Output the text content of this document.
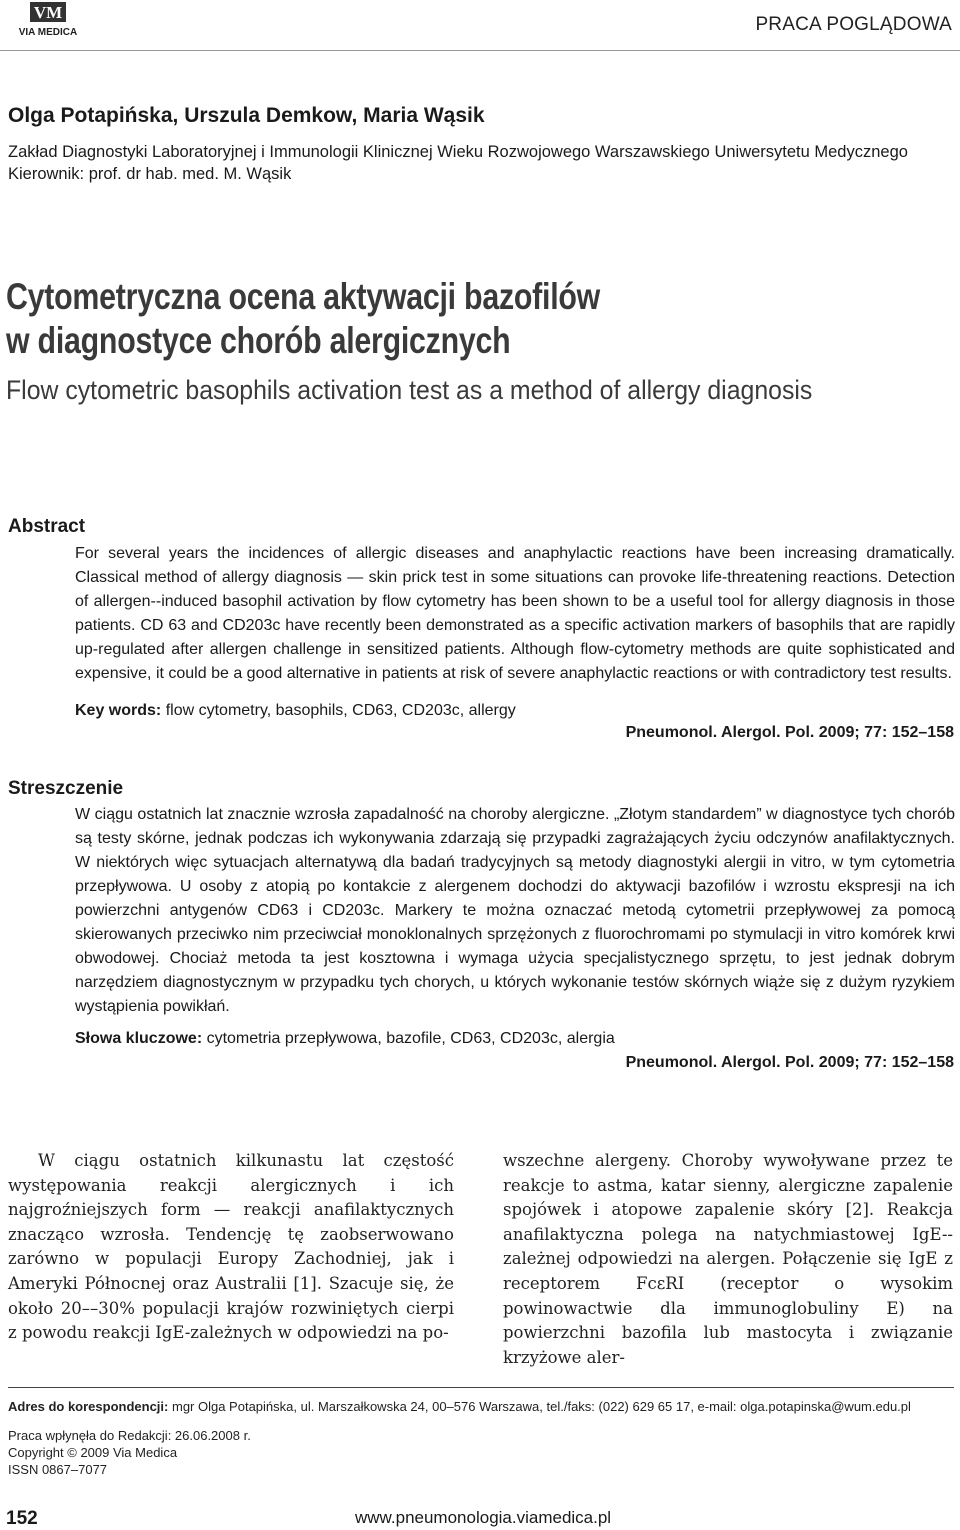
VM
VIA MEDICA	PRACA POGLĄDOWA
Olga Potapińska, Urszula Demkow, Maria Wąsik
Zakład Diagnostyki Laboratoryjnej i Immunologii Klinicznej Wieku Rozwojowego Warszawskiego Uniwersytetu Medycznego
Kierownik: prof. dr hab. med. M. Wąsik
Cytometryczna ocena aktywacji bazofilów
w diagnostyce chorób alergicznych
Flow cytometric basophils activation test as a method of allergy diagnosis
Abstract
For several years the incidences of allergic diseases and anaphylactic reactions have been increasing dramatically. Classical method of allergy diagnosis — skin prick test in some situations can provoke life-threatening reactions. Detection of allergen--induced basophil activation by flow cytometry has been shown to be a useful tool for allergy diagnosis in those patients. CD 63 and CD203c have recently been demonstrated as a specific activation markers of basophils that are rapidly up-regulated after allergen challenge in sensitized patients. Although flow-cytometry methods are quite sophisticated and expensive, it could be a good alternative in patients at risk of severe anaphylactic reactions or with contradictory test results.
Key words: flow cytometry, basophils, CD63, CD203c, allergy
Pneumonol. Alergol. Pol. 2009; 77: 152–158
Streszczenie
W ciągu ostatnich lat znacznie wzrosła zapadalność na choroby alergiczne. „Złotym standardem” w diagnostyce tych chorób są testy skórne, jednak podczas ich wykonywania zdarzają się przypadki zagrażających życiu odczynów anafilaktycznych. W niektórych więc sytuacjach alternatywą dla badań tradycyjnych są metody diagnostyki alergii in vitro, w tym cytometria przepływowa. U osoby z atopią po kontakcie z alergenem dochodzi do aktywacji bazofilów i wzrostu ekspresji na ich powierzchni antygenów CD63 i CD203c. Markery te można oznaczać metodą cytometrii przepływowej za pomocą skierowanych przeciwko nim przeciwciał monoklonalnych sprzężonych z fluorochromami po stymulacji in vitro komórek krwi obwodowej. Chociaż metoda ta jest kosztowna i wymaga użycia specjalistycznego sprzętu, to jest jednak dobrym narzędziem diagnostycznym w przypadku tych chorych, u których wykonanie testów skórnych wiąże się z dużym ryzykiem wystąpienia powikłań.
Słowa kluczowe: cytometria przepływowa, bazofile, CD63, CD203c, alergia
Pneumonol. Alergol. Pol. 2009; 77: 152–158
W ciągu ostatnich kilkunastu lat częstość występowania reakcji alergicznych i ich najgroźniejszych form — reakcji anafilaktycznych znacząco wzrosła. Tendencję tę zaobserwowano zarówno w populacji Europy Zachodniej, jak i Ameryki Północnej oraz Australii [1]. Szacuje się, że około 20––30% populacji krajów rozwiniętych cierpi z powodu reakcji IgE-zależnych w odpowiedzi na po-
wszechne alergeny. Choroby wywoływane przez te reakcje to astma, katar sienny, alergiczne zapalenie spojówek i atopowe zapalenie skóry [2]. Reakcja anafilaktyczna polega na natychmiastowej IgE--zależnej odpowiedzi na alergen. Połączenie się IgE z receptorem FcεRI (receptor o wysokim powinowactwie dla immunoglobuliny E) na powierzchni bazofila lub mastocyta i związanie krzyżowe aler-
Adres do korespondencji: mgr Olga Potapińska, ul. Marszałkowska 24, 00–576 Warszawa, tel./faks: (022) 629 65 17, e-mail: olga.potapinska@wum.edu.pl
Praca wpłynęła do Redakcji: 26.06.2008 r.
Copyright © 2009 Via Medica
ISSN 0867–7077
152	www.pneumonologia.viamedica.pl
